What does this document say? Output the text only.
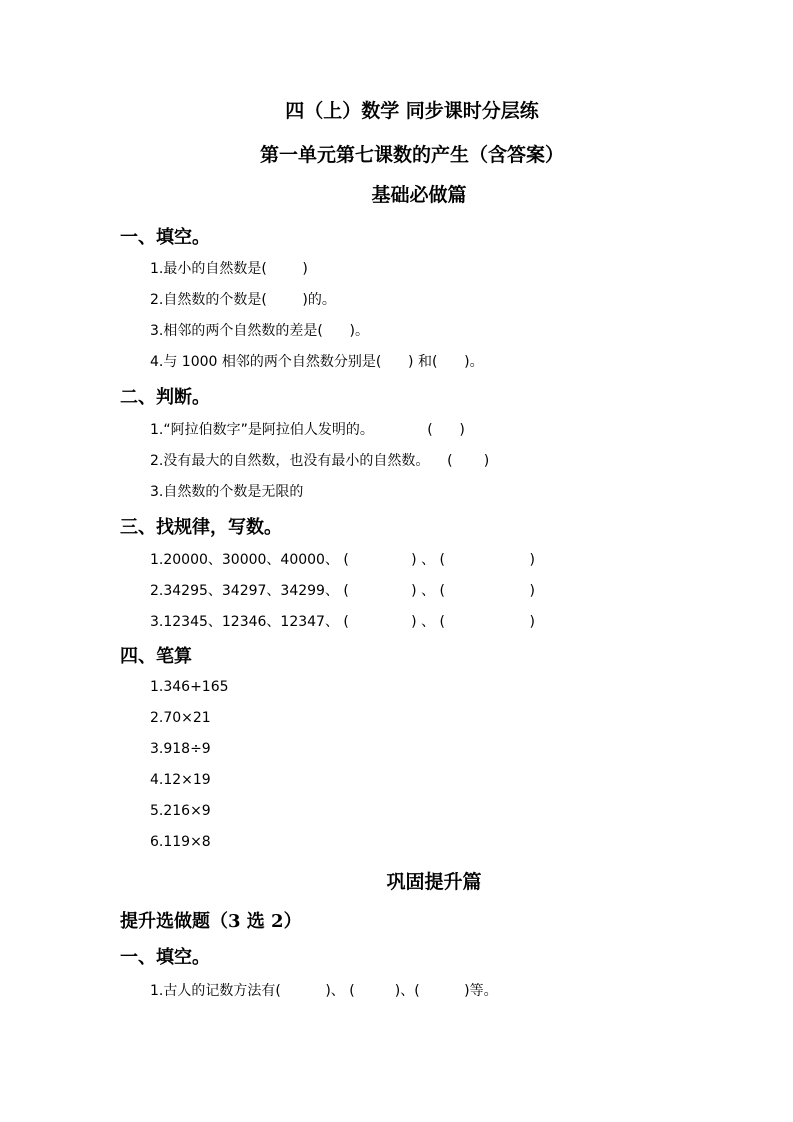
四（上）数学 同步课时分层练
第一单元第七课数的产生（含答案）
基础必做篇
一、填空。
1.最小的自然数是(        )
2.自然数的个数是(        )的。
3.相邻的两个自然数的差是(      )。
4.与 1000 相邻的两个自然数分别是(      ) 和(      )。
二、判断。
1.“阿拉伯数字”是阿拉伯人发明的。            (      )
2.没有最大的自然数，也没有最小的自然数。    (       )
3.自然数的个数是无限的
三、找规律，写数。
1.20000、30000、40000、 (              ) 、 (                   )
2.34295、34297、34299、 (              ) 、 (                   )
3.12345、12346、12347、 (              ) 、 (                   )
四、笔算
1.346+165
2.70×21
3.918÷9
4.12×19
5.216×9
6.119×8
巩固提升篇
提升选做题（3 选 2）
一、填空。
1.古人的记数方法有(          )、 (         )、(          )等。
